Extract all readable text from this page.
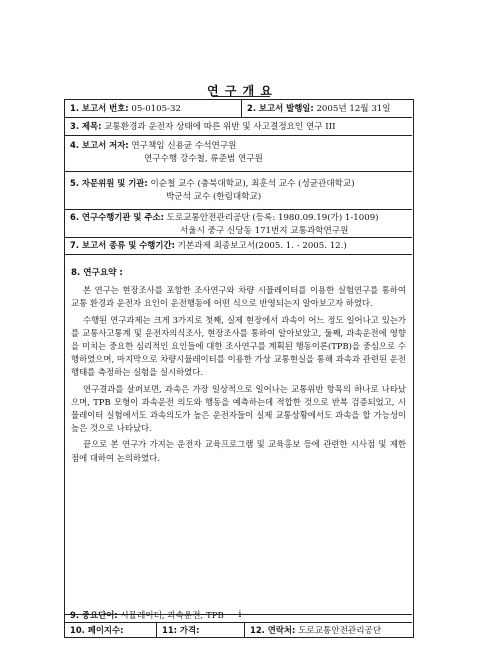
연 구 개 요
1. 보고서 번호: 05-0105-32	2. 보고서 발행일: 2005년 12월 31일
3. 제목: 교통환경과 운전자 상태에 따른 위반 및 사고결정요인 연구 III
4. 보고서 저자: 연구책임 신용균 수석연구원
연구수행 강수철, 류준범 연구원
5. 자문위원 및 기관: 이순철 교수 (충북대학교), 최훈석 교수 (성균관대학교)
박군석 교수 (한림대학교)
6. 연구수행기관 및 주소: 도로교통안전관리공단 (등록: 1980.09.19(가) 1-1009)
서울시 중구 신당동 171번지 교통과학연구원
7. 보고서 종류 및 수행기간: 기본과제 최종보고서(2005. 1. - 2005. 12.)

8. 연구요약 :

본 연구는 현장조사를 포함한 조사연구와 차량 시뮬레이터를 이용한 실험연구를 통하여 교통 환경과 운전자 요인이 운전행동에 어떤 식으로 반영되는지 알아보고자 하였다.

수행된 연구과제는 크게 3가지로 첫째, 실제 현장에서 과속이 어느 정도 일어나고 있는가를 교통사고통계 및 운전자의식조사, 현장조사를 통하여 알아보았고, 둘째, 과속운전에 영향을 미치는 중요한 심리적인 요인들에 대한 조사연구를 계획된 행동이론(TPB)을 중심으로 수행하였으며, 마지막으로 차량시뮬레이터를 이용한 가상 교통현실을 통해 과속과 관련된 운전행태를 측정하는 실험을 실시하였다.

연구결과를 살펴보면, 과속은 가장 일상적으로 일어나는 교통위반 항목의 하나로 나타났으며, TPB 모형이 과속운전 의도와 행동을 예측하는데 적합한 것으로 반복 검증되었고, 시뮬레이터 실험에서도 과속의도가 높은 운전자들이 실제 교통상황에서도 과속을 할 가능성이 높은 것으로 나타났다.

끝으로 본 연구가 가지는 운전자 교육프로그램 및 교육홍보 등에 관련한 시사점 및 제한점에 대하여 논의하였다.

9. 중요단어: 시뮬레이터, 과속운전, TPB
10. 페이지수:	11: 가격:	12. 연락처: 도로교통안전관리공단
- i -
